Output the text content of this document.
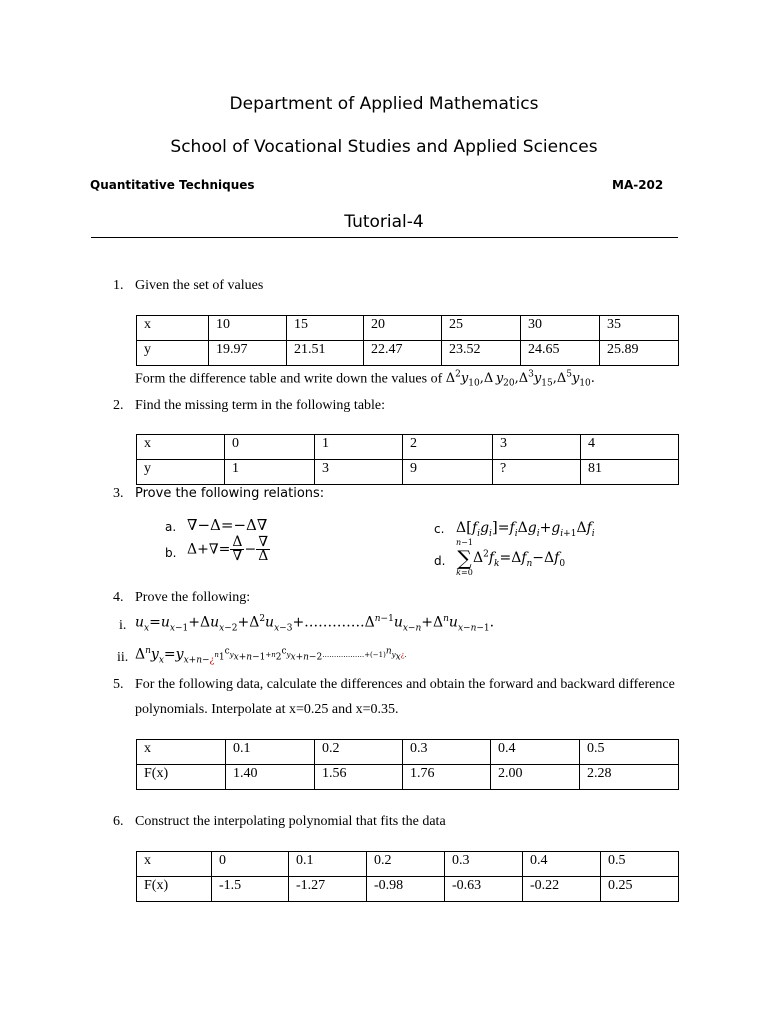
Department of Applied Mathematics
School of Vocational Studies and Applied Sciences
Quantitative Techniques	MA-202
Tutorial-4
1. Given the set of values
x	10	15	20	25	30	35
y	19.97	21.51	22.47	23.52	24.65	25.89
Form the difference table and write down the values of $\Delta^2y_{10},\Delta$ $y_{20},\Delta^3y_{15},\Delta^5y_{10}$.
2. Find the missing term in the following table:
x	0	1	2	3	4
y	1	3	9	?	81
3. Prove the following relations:
a. ∇−Δ=−Δ∇
b. $\Delta+\nabla= \frac{\Delta}{\nabla} - \frac{\nabla}{\Delta}$
c. $\Delta[f_ig_i]=f_i\Delta g_i+g_{i+1}\Delta f_i$
d.
n−1
∑
k=0
$\Delta^2f_k=\Delta f_n-\Delta f_0$
4. Prove the following:
i. $u_x=u_{x-1}+\Delta u_{x-2}+\Delta^2u_{x-3}+\dots\dots\dots\dots.\Delta^{n-1}u_{x-n}+\Delta^nu_{x-n-1}$.
ii. $\Delta^ny_x=y_{x+n-¿}n_1^cy_{x+n-1}+n_2^cy_{x+n-2}\dots\dots\dots\dots\dots\dots+(-1)^ny_x¿$.
5. For the following data, calculate the differences and obtain the forward and backward difference
polynomials. Interpolate at x=0.25 and x=0.35.
x	0.1	0.2	0.3	0.4	0.5
F(x)	1.40	1.56	1.76	2.00	2.28
6. Construct the interpolating polynomial that fits the data
x	0	0.1	0.2	0.3	0.4	0.5
F(x)	-1.5	-1.27	-0.98	-0.63	-0.22	0.25
